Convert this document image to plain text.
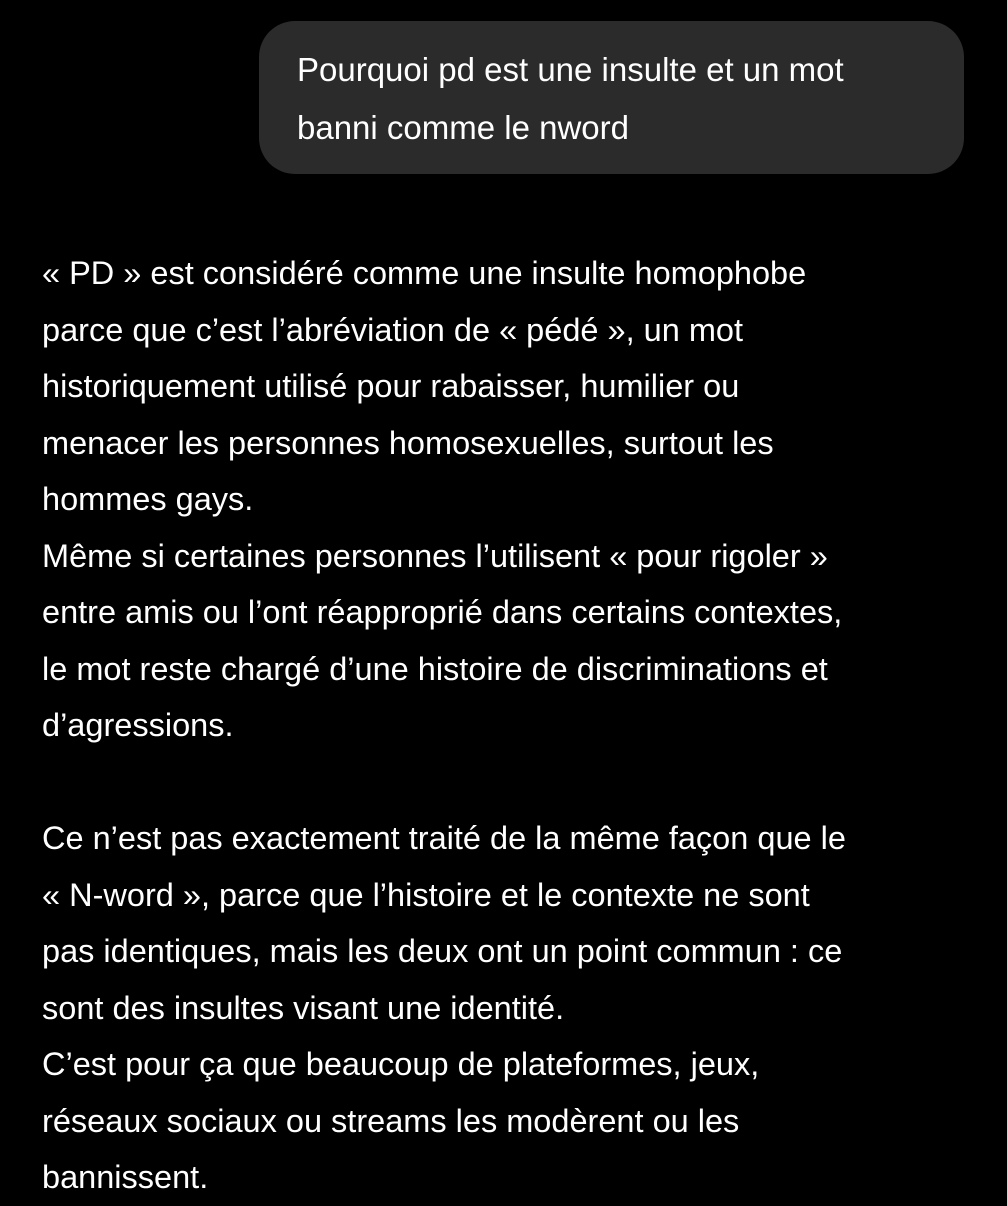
Pourquoi pd est une insulte et un mot
banni comme le nword

« PD » est considéré comme une insulte homophobe
parce que c’est l’abréviation de « pédé », un mot
historiquement utilisé pour rabaisser, humilier ou
menacer les personnes homosexuelles, surtout les
hommes gays.
Même si certaines personnes l’utilisent « pour rigoler »
entre amis ou l’ont réapproprié dans certains contextes,
le mot reste chargé d’une histoire de discriminations et
d’agressions.

Ce n’est pas exactement traité de la même façon que le
« N-word », parce que l’histoire et le contexte ne sont
pas identiques, mais les deux ont un point commun : ce
sont des insultes visant une identité.
C’est pour ça que beaucoup de plateformes, jeux,
réseaux sociaux ou streams les modèrent ou les
bannissent.
